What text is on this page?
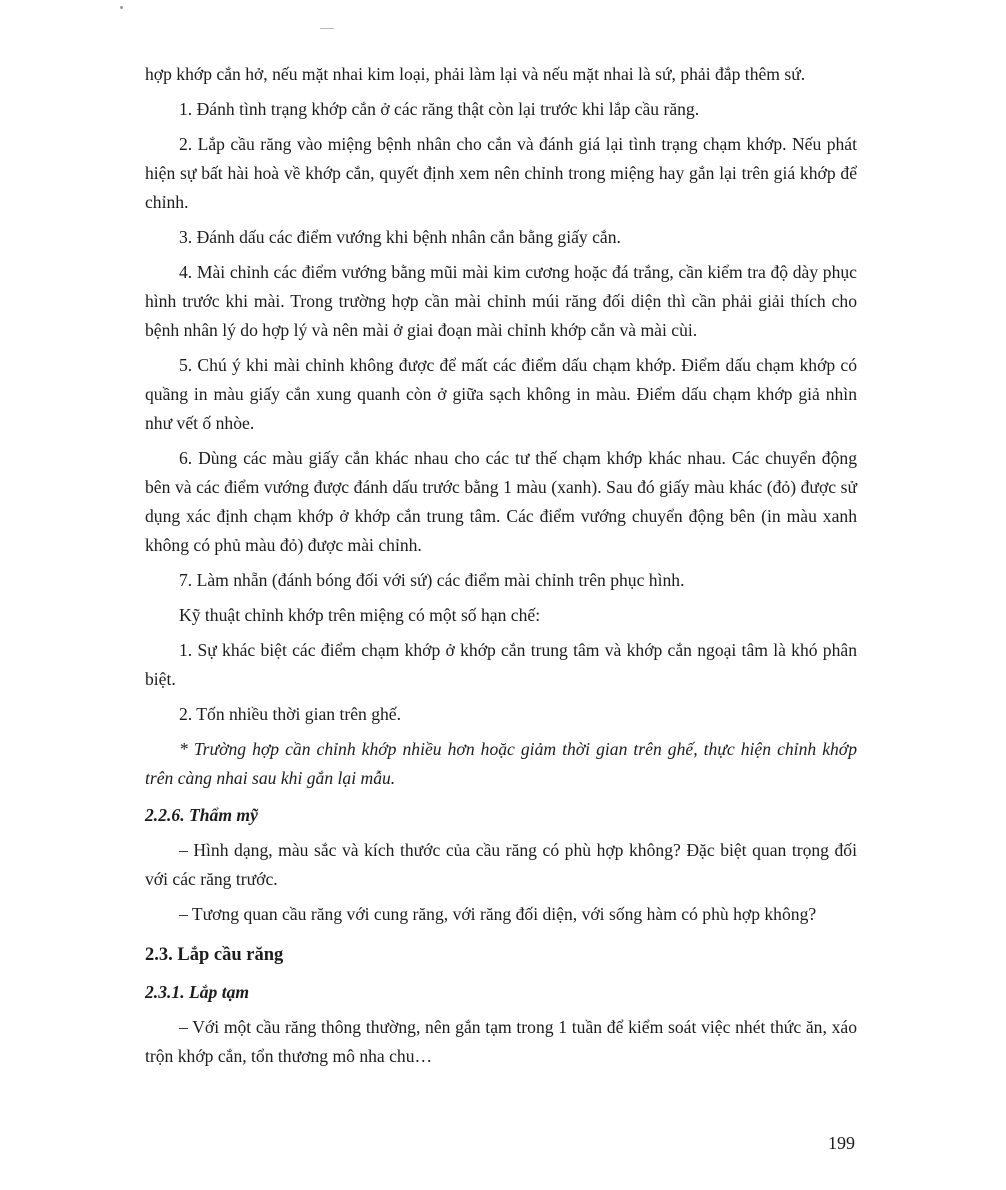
hợp khớp cắn hở, nếu mặt nhai kim loại, phải làm lại và nếu mặt nhai là sứ, phải đắp thêm sứ.

1. Đánh tình trạng khớp cắn ở các răng thật còn lại trước khi lắp cầu răng.

2. Lắp cầu răng vào miệng bệnh nhân cho cắn và đánh giá lại tình trạng chạm khớp. Nếu phát hiện sự bất hài hoà về khớp cắn, quyết định xem nên chỉnh trong miệng hay gắn lại trên giá khớp để chỉnh.

3. Đánh dấu các điểm vướng khi bệnh nhân cắn bằng giấy cắn.

4. Mài chỉnh các điểm vướng bằng mũi mài kim cương hoặc đá trắng, cần kiểm tra độ dày phục hình trước khi mài. Trong trường hợp cần mài chỉnh múi răng đối diện thì cần phải giải thích cho bệnh nhân lý do hợp lý và nên mài ở giai đoạn mài chỉnh khớp cắn và mài cùi.

5. Chú ý khi mài chỉnh không được để mất các điểm dấu chạm khớp. Điểm dấu chạm khớp có quầng in màu giấy cắn xung quanh còn ở giữa sạch không in màu. Điểm dấu chạm khớp giả nhìn như vết ố nhòe.

6. Dùng các màu giấy cắn khác nhau cho các tư thế chạm khớp khác nhau. Các chuyển động bên và các điểm vướng được đánh dấu trước bằng 1 màu (xanh). Sau đó giấy màu khác (đỏ) được sử dụng xác định chạm khớp ở khớp cắn trung tâm. Các điểm vướng chuyển động bên (in màu xanh không có phủ màu đỏ) được mài chỉnh.

7. Làm nhẵn (đánh bóng đối với sứ) các điểm mài chỉnh trên phục hình.

Kỹ thuật chỉnh khớp trên miệng có một số hạn chế:

1. Sự khác biệt các điểm chạm khớp ở khớp cắn trung tâm và khớp cắn ngoại tâm là khó phân biệt.

2. Tốn nhiều thời gian trên ghế.

* Trường hợp cần chỉnh khớp nhiều hơn hoặc giảm thời gian trên ghế, thực hiện chỉnh khớp trên càng nhai sau khi gắn lại mẫu.

2.2.6. Thẩm mỹ

– Hình dạng, màu sắc và kích thước của cầu răng có phù hợp không? Đặc biệt quan trọng đối với các răng trước.

– Tương quan cầu răng với cung răng, với răng đối diện, với sống hàm có phù hợp không?

2.3. Lắp cầu răng
2.3.1. Lắp tạm

– Với một cầu răng thông thường, nên gắn tạm trong 1 tuần để kiểm soát việc nhét thức ăn, xáo trộn khớp cắn, tổn thương mô nha chu…

199
